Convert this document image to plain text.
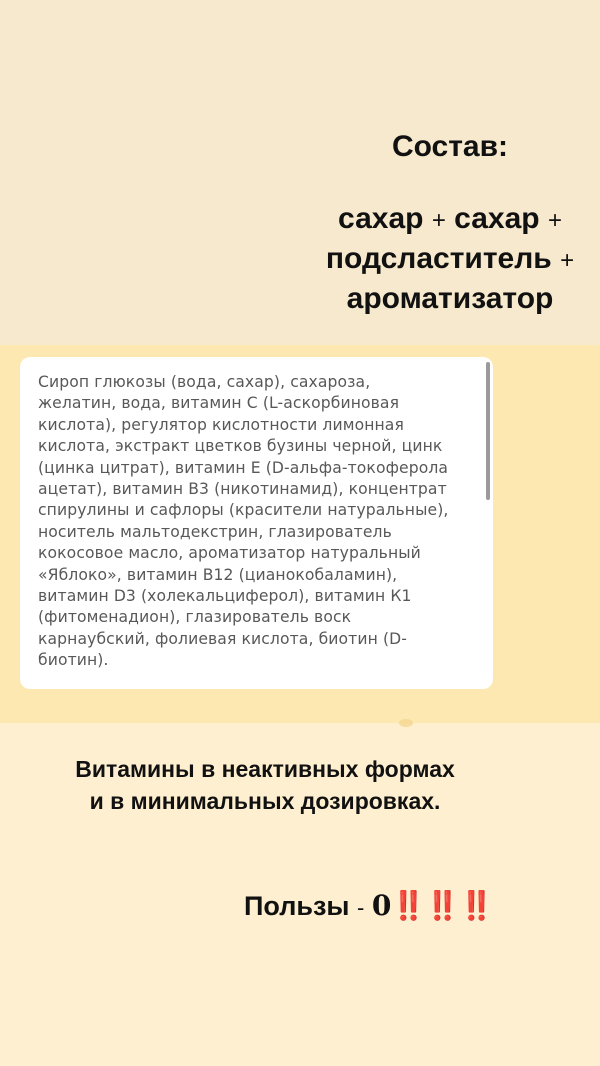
Состав:
сахар + сахар +
подсластитель +
ароматизатор
Сироп глюкозы (вода, сахар), сахароза,
желатин, вода, витамин С (L-аскорбиновая
кислота), регулятор кислотности лимонная
кислота, экстракт цветков бузины черной, цинк
(цинка цитрат), витамин Е (D-альфа-токоферола
ацетат), витамин В3 (никотинамид), концентрат
спирулины и сафлоры (красители натуральные),
носитель мальтодекстрин, глазирователь
кокосовое масло, ароматизатор натуральный
«Яблоко», витамин В12 (цианокобаламин),
витамин D3 (холекальциферол), витамин К1
(фитоменадион), глазирователь воск
карнаубский, фолиевая кислота, биотин (D-
биотин).
Витамины в неактивных формах
и в минимальных дозировках.
Пользы - 0‼️‼️‼️
